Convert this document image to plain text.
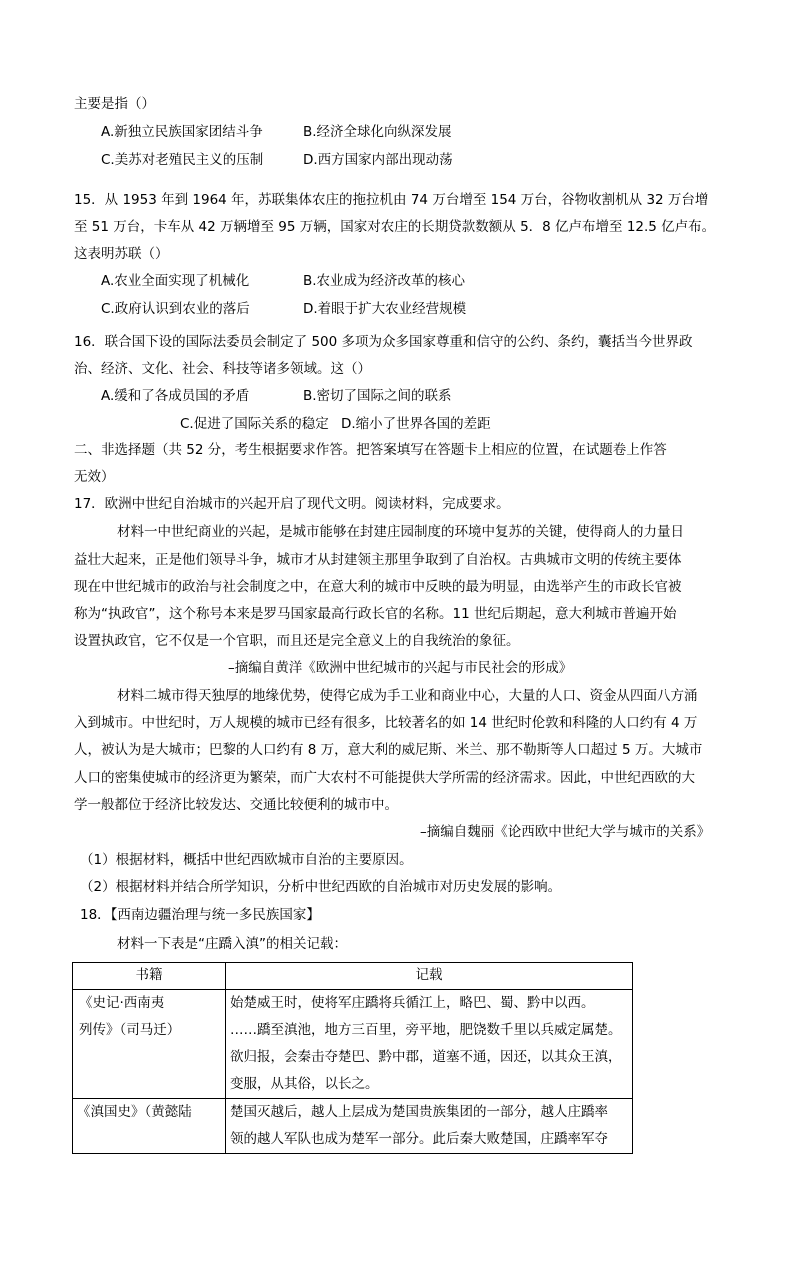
主要是指（）
A.新独立民族国家团结斗争	B.经济全球化向纵深发展
C.美苏对老殖民主义的压制	D.西方国家内部出现动荡
15．从 1953 年到 1964 年，苏联集体农庄的拖拉机由 74 万台增至 154 万台，谷物收割机从 32 万台增
至 51 万台，卡车从 42 万辆增至 95 万辆，国家对农庄的长期贷款数额从 5．8 亿卢布增至 12.5 亿卢布。
这表明苏联（）
A.农业全面实现了机械化	B.农业成为经济改革的核心
C.政府认识到农业的落后	D.着眼于扩大农业经营规模
16．联合国下设的国际法委员会制定了 500 多项为众多国家尊重和信守的公约、条约，囊括当今世界政
治、经济、文化、社会、科技等诸多领域。这（）
A.缓和了各成员国的矛盾	B.密切了国际之间的联系
C.促进了国际关系的稳定 D.缩小了世界各国的差距
二、非选择题（共 52 分，考生根据要求作答。把答案填写在答题卡上相应的位置，在试题卷上作答
无效）
17．欧洲中世纪自治城市的兴起开启了现代文明。阅读材料，完成要求。
材料一中世纪商业的兴起，是城市能够在封建庄园制度的环境中复苏的关键，使得商人的力量日
益壮大起来，正是他们领导斗争，城市才从封建领主那里争取到了自治权。古典城市文明的传统主要体
现在中世纪城市的政治与社会制度之中，在意大利的城市中反映的最为明显，由选举产生的市政长官被
称为“执政官”，这个称号本来是罗马国家最高行政长官的名称。11 世纪后期起，意大利城市普遍开始
设置执政官，它不仅是一个官职，而且还是完全意义上的自我统治的象征。
–摘编自黄洋《欧洲中世纪城市的兴起与市民社会的形成》
材料二城市得天独厚的地缘优势，使得它成为手工业和商业中心，大量的人口、资金从四面八方涌
入到城市。中世纪时，万人规模的城市已经有很多，比较著名的如 14 世纪时伦敦和科隆的人口约有 4 万
人，被认为是大城市；巴黎的人口约有 8 万，意大利的威尼斯、米兰、那不勒斯等人口超过 5 万。大城市
人口的密集使城市的经济更为繁荣，而广大农村不可能提供大学所需的经济需求。因此，中世纪西欧的大
学一般都位于经济比较发达、交通比较便利的城市中。
–摘编自魏丽《论西欧中世纪大学与城市的关系》
（1）根据材料，概括中世纪西欧城市自治的主要原因。
（2）根据材料并结合所学知识，分析中世纪西欧的自治城市对历史发展的影响。
18．【西南边疆治理与统一多民族国家】
材料一下表是“庄蹻入滇”的相关记载：
书籍	记载

《史记·西南夷
列传》（司马迁）	始楚威王时，使将军庄蹻将兵循江上，略巴、蜀、黔中以西。
……蹻至滇池，地方三百里，旁平地，肥饶数千里以兵威定属楚。
欲归报，会秦击夺楚巴、黔中郡，道塞不通，因还，以其众王滇，
变服，从其俗，以长之。

《滇国史》（黄懿陆	楚国灭越后，越人上层成为楚国贵族集团的一部分，越人庄蹻率
领的越人军队也成为楚军一部分。此后秦大败楚国，庄蹻率军夺
